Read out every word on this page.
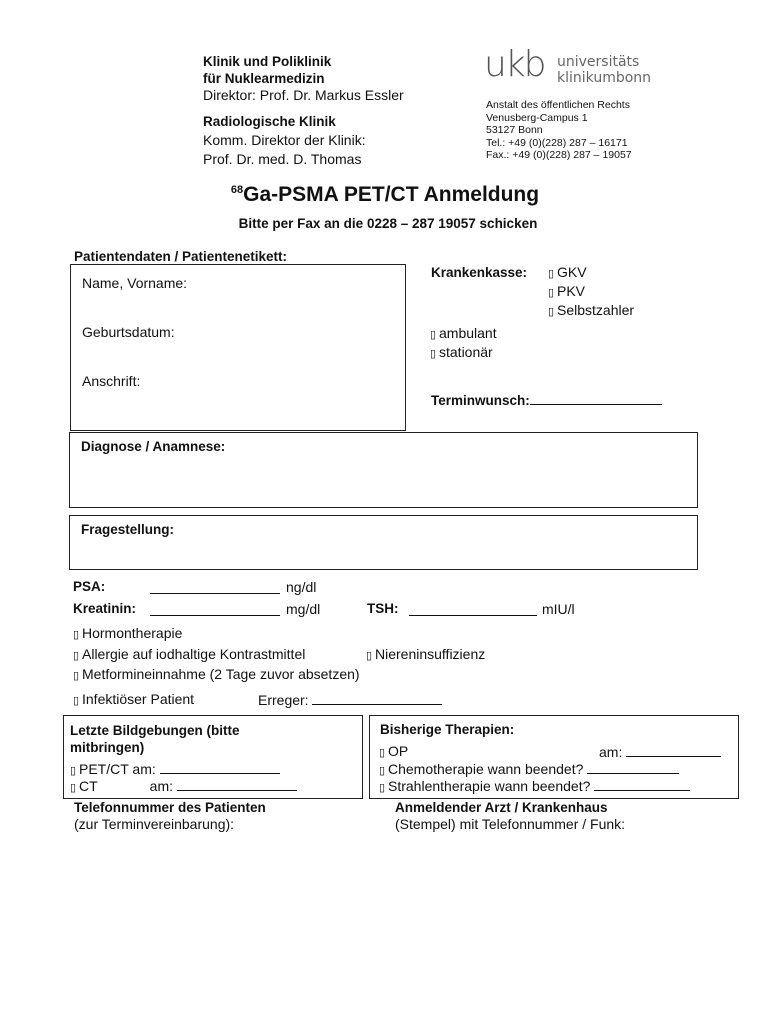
Klinik und Poliklinik
für Nuklearmedizin
Direktor: Prof. Dr. Markus Essler
Radiologische Klinik
Komm. Direktor der Klinik:
Prof. Dr. med. D. Thomas
ukb universitäts
klinikumbonn
Anstalt des öffentlichen Rechts
Venusberg-Campus 1
53127 Bonn
Tel.: +49 (0)(228) 287 – 16171
Fax.: +49 (0)(228) 287 – 19057
$^{68}$Ga-PSMA PET/CT Anmeldung
Bitte per Fax an die 0228 – 287 19057 schicken
Patientendaten / Patientenetikett:
Name, Vorname:
Geburtsdatum:
Anschrift:
Krankenkasse: ▯ GKV
▯ PKV
▯ Selbstzahler
▯ ambulant
▯ stationär
Terminwunsch:
Diagnose / Anamnese:
Fragestellung:
PSA:	ng/dl
Kreatinin:	mg/dl	TSH:	mIU/l
▯ Hormontherapie
▯ Allergie auf iodhaltige Kontrastmittel	▯ Niereninsuffizienz
▯ Metformineinnahme (2 Tage zuvor absetzen)
▯ Infektiöser Patient	Erreger:
Letzte Bildgebungen (bitte mitbringen)
▯ PET/CT am:
▯ CT	am:
Bisherige Therapien:
▯ OP	am:
▯ Chemotherapie wann beendet?
▯ Strahlentherapie wann beendet?
Telefonnummer des Patienten
(zur Terminvereinbarung):
Anmeldender Arzt / Krankenhaus
(Stempel) mit Telefonnummer / Funk:
